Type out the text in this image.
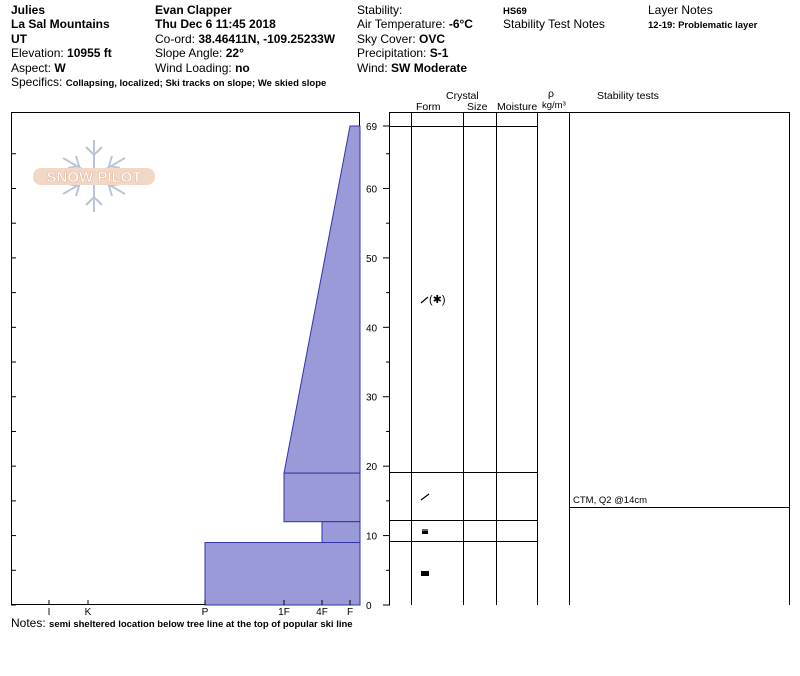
Julies
La Sal Mountains
UT
Elevation: 10955 ft
Aspect: W
Evan Clapper
Thu Dec 6 11:45 2018
Co-ord: 38.46411N, -109.25233W
Slope Angle: 22°
Wind Loading: no
Stability:
Air Temperature: -6°C
Sky Cover: OVC
Precipitation: S-1
Wind: SW Moderate
HS69
Stability Test Notes
Layer Notes
12-19: Problematic layer
Specifics: Collapsing, localized; Ski tracks on slope; We skied slope
Crystal
Form	Size Moisture
ρ
kg/m³
Stability tests
SNOW PILOT
I	K	P	1F	4F F
69
60
50
40
30
20
10
0
(✱)
CTM, Q2 @14cm
Notes: semi sheltered location below tree line at the top of popular ski line
